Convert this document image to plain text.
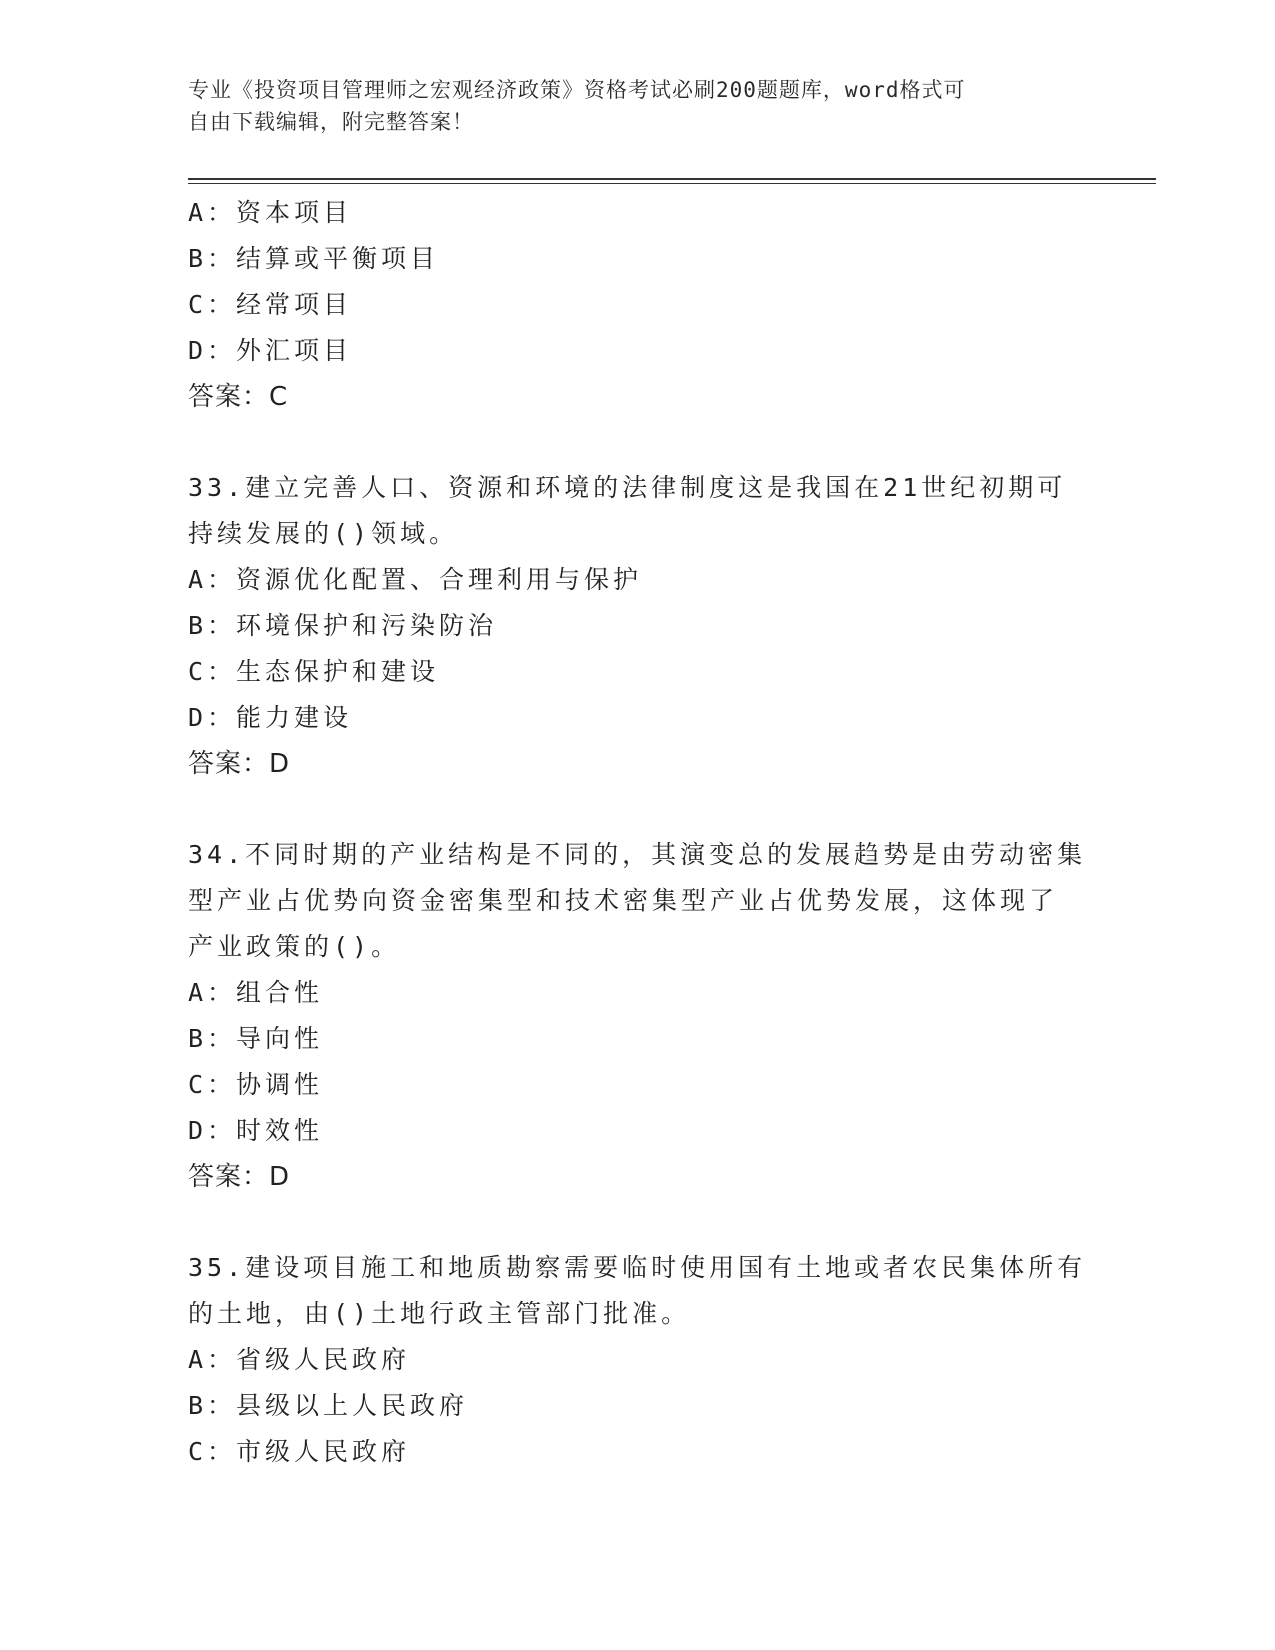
专业《投资项目管理师之宏观经济政策》资格考试必刷200题题库，word格式可
自由下载编辑，附完整答案！
A：资本项目
B：结算或平衡项目
C：经常项目
D：外汇项目
答案：C
33.建立完善人口、资源和环境的法律制度这是我国在21世纪初期可
持续发展的()领域。
A：资源优化配置、合理利用与保护
B：环境保护和污染防治
C：生态保护和建设
D：能力建设
答案：D
34.不同时期的产业结构是不同的，其演变总的发展趋势是由劳动密集
型产业占优势向资金密集型和技术密集型产业占优势发展，这体现了
产业政策的()。
A：组合性
B：导向性
C：协调性
D：时效性
答案：D
35.建设项目施工和地质勘察需要临时使用国有土地或者农民集体所有
的土地，由()土地行政主管部门批准。
A：省级人民政府
B：县级以上人民政府
C：市级人民政府
